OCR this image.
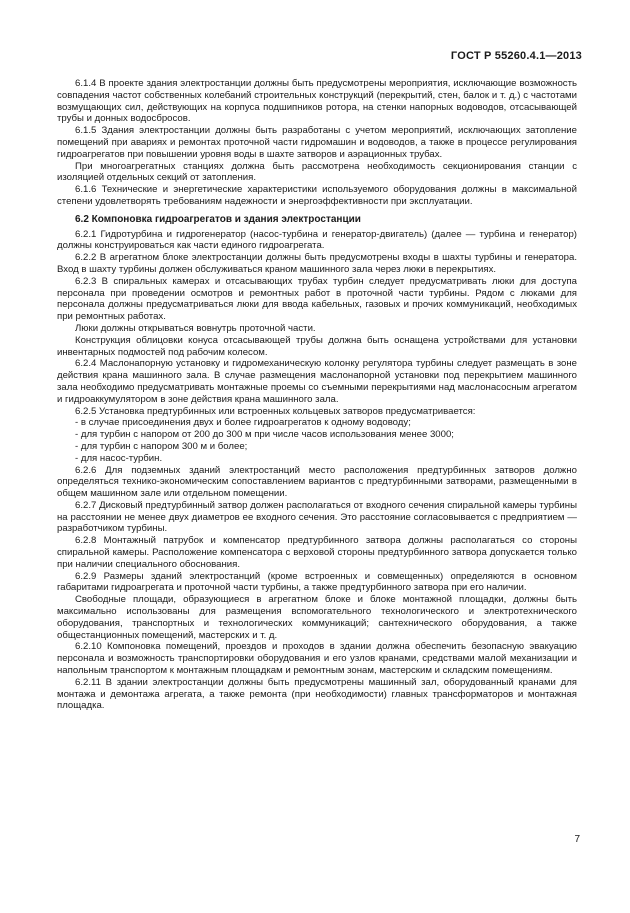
ГОСТ Р 55260.4.1—2013

6.1.4 В проекте здания электростанции должны быть предусмотрены мероприятия, исключающие возможность совпадения частот собственных колебаний строительных конструкций (перекрытий, стен, балок и т. д.) с частотами возмущающих сил, действующих на корпуса подшипников ротора, на стенки напорных водоводов, отсасывающей трубы и донных водосбросов.

6.1.5 Здания электростанции должны быть разработаны с учетом мероприятий, исключающих затопление помещений при авариях и ремонтах проточной части гидромашин и водоводов, а также в процессе регулирования гидроагрегатов при повышении уровня воды в шахте затворов и аэрационных трубах.

При многоагрегатных станциях должна быть рассмотрена необходимость секционирования станции с изоляцией отдельных секций от затопления.

6.1.6 Технические и энергетические характеристики используемого оборудования должны в максимальной степени удовлетворять требованиям надежности и энергоэффективности при эксплуатации.

6.2 Компоновка гидроагрегатов и здания электростанции

6.2.1 Гидротурбина и гидрогенератор (насос-турбина и генератор-двигатель) (далее — турбина и генератор) должны конструироваться как части единого гидроагрегата.

6.2.2 В агрегатном блоке электростанции должны быть предусмотрены входы в шахты турбины и генератора. Вход в шахту турбины должен обслуживаться краном машинного зала через люки в перекрытиях.

6.2.3 В спиральных камерах и отсасывающих трубах турбин следует предусматривать люки для доступа персонала при проведении осмотров и ремонтных работ в проточной части турбины. Рядом с люками для персонала должны предусматриваться люки для ввода кабельных, газовых и прочих коммуникаций, необходимых при ремонтных работах.

Люки должны открываться вовнутрь проточной части.

Конструкция облицовки конуса отсасывающей трубы должна быть оснащена устройствами для установки инвентарных подмостей под рабочим колесом.

6.2.4 Маслонапорную установку и гидромеханическую колонку регулятора турбины следует размещать в зоне действия крана машинного зала. В случае размещения маслонапорной установки под перекрытием машинного зала необходимо предусматривать монтажные проемы со съемными перекрытиями над маслонасосным агрегатом и гидроаккумулятором в зоне действия крана машинного зала.

6.2.5 Установка предтурбинных или встроенных кольцевых затворов предусматривается:

- в случае присоединения двух и более гидроагрегатов к одному водоводу;

- для турбин с напором от 200 до 300 м при числе часов использования менее 3000;

- для турбин с напором 300 м и более;

- для насос-турбин.

6.2.6 Для подземных зданий электростанций место расположения предтурбинных затворов должно определяться технико-экономическим сопоставлением вариантов с предтурбинными затворами, размещенными в общем машинном зале или отдельном помещении.

6.2.7 Дисковый предтурбинный затвор должен располагаться от входного сечения спиральной камеры турбины на расстоянии не менее двух диаметров ее входного сечения. Это расстояние согласовывается с предприятием — разработчиком турбины.

6.2.8 Монтажный патрубок и компенсатор предтурбинного затвора должны располагаться со стороны спиральной камеры. Расположение компенсатора с верховой стороны предтурбинного затвора допускается только при наличии специального обоснования.

6.2.9 Размеры зданий электростанций (кроме встроенных и совмещенных) определяются в основном габаритами гидроагрегата и проточной части турбины, а также предтурбинного затвора при его наличии.

Свободные площади, образующиеся в агрегатном блоке и блоке монтажной площадки, должны быть максимально использованы для размещения вспомогательного технологического и электротехнического оборудования, транспортных и технологических коммуникаций; сантехнического оборудования, а также общестанционных помещений, мастерских и т. д.

6.2.10 Компоновка помещений, проездов и проходов в здании должна обеспечить безопасную эвакуацию персонала и возможность транспортировки оборудования и его узлов кранами, средствами малой механизации и напольным транспортом к монтажным площадкам и ремонтным зонам, мастерским и складским помещениям.

6.2.11 В здании электростанции должны быть предусмотрены машинный зал, оборудованный кранами для монтажа и демонтажа агрегата, а также ремонта (при необходимости) главных трансформаторов и монтажная площадка.

7
